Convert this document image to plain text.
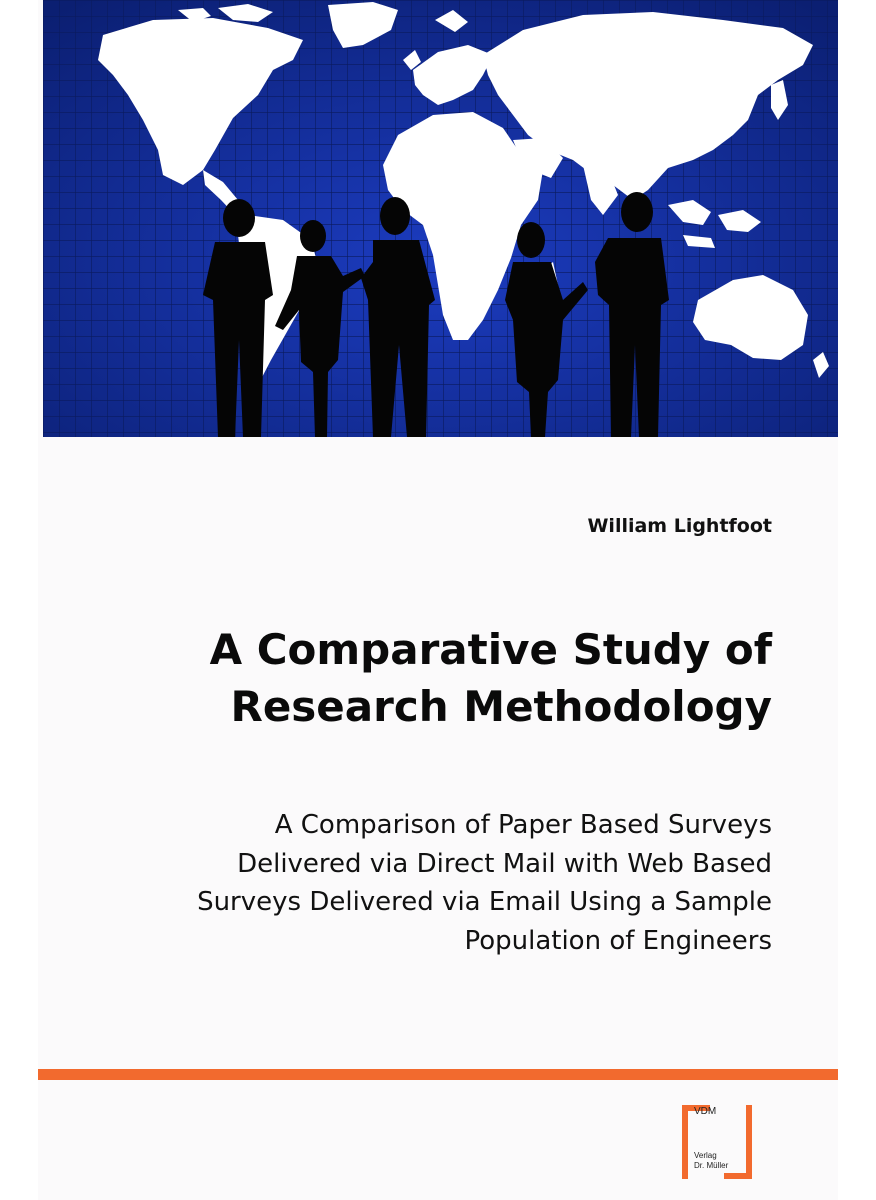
William Lightfoot
A Comparative Study of
Research Methodology
A Comparison of Paper Based Surveys
Delivered via Direct Mail with Web Based
Surveys Delivered via Email Using a Sample
Population of Engineers
VDM
Verlag
Dr. Müller
